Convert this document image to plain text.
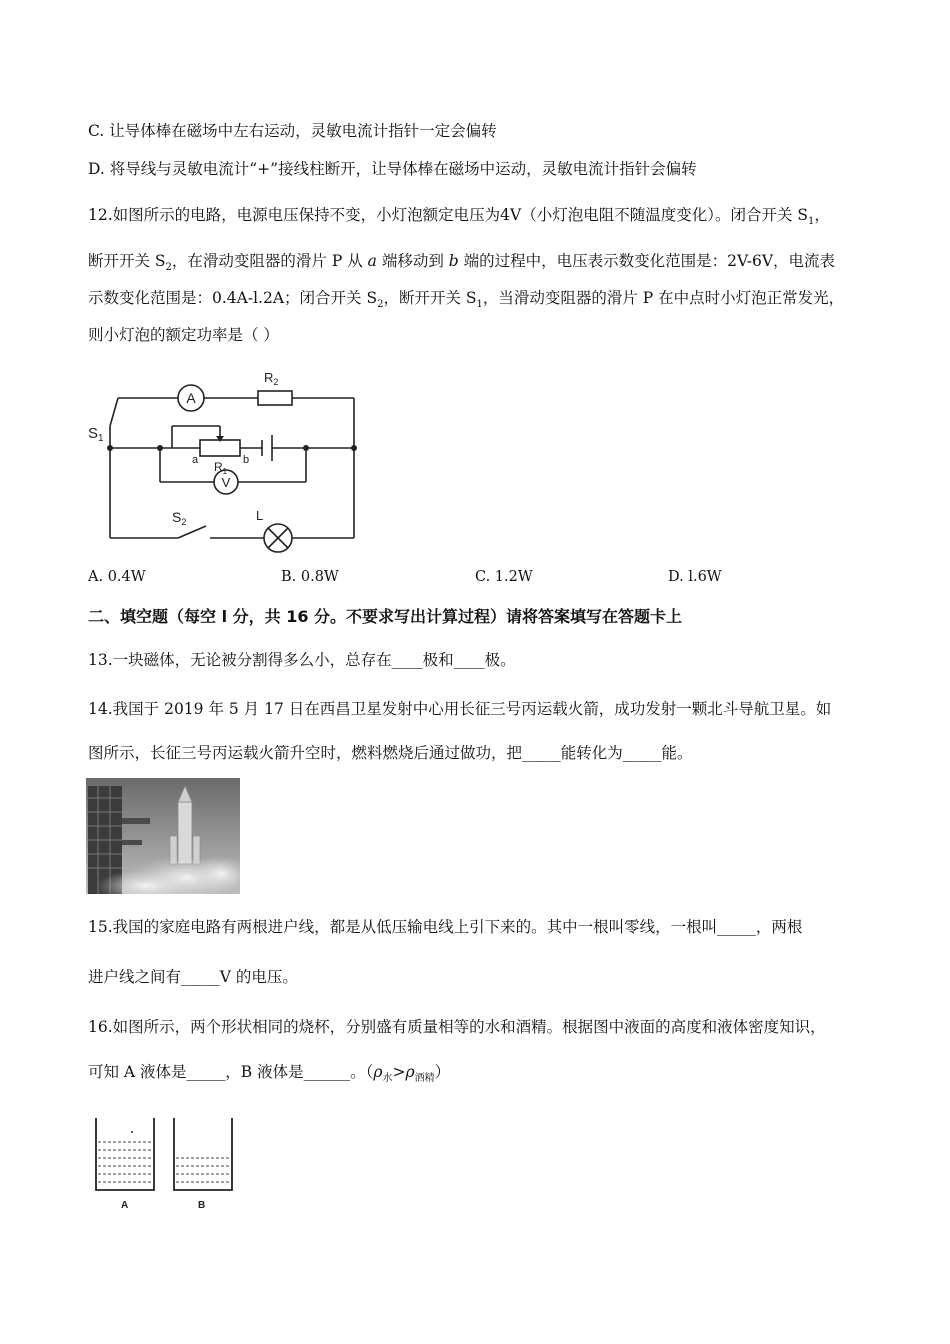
C. 让导体棒在磁场中左右运动，灵敏电流计指针一定会偏转
D. 将导线与灵敏电流计“+”接线柱断开，让导体棒在磁场中运动，灵敏电流计指针会偏转
12.如图所示的电路，电源电压保持不变，小灯泡额定电压为4V（小灯泡电阻不随温度变化）。闭合开关 $S_1$，
断开开关 $S_2$，在滑动变阻器的滑片 P 从 a 端移动到 b 端的过程中，电压表示数变化范围是：2V-6V，电流表
示数变化范围是：0.4A-l.2A；闭合开关 $S_2$，断开开关 $S_1$，当滑动变阻器的滑片 P 在中点时小灯泡正常发光，
则小灯泡的额定功率是（ ）
A
V
$R_2$
$R_1$
a	b
$S_1$
$S_2$	L
A. 0.4W	B. 0.8W	C. 1.2W	D. l.6W
二、填空题（每空 l 分，共 16 分。不要求写出计算过程）请将答案填写在答题卡上
13.一块磁体，无论被分割得多么小，总存在____极和____极。
14.我国于 2019 年 5 月 17 日在西昌卫星发射中心用长征三号丙运载火箭，成功发射一颗北斗导航卫星。如
图所示，长征三号丙运载火箭升空时，燃料燃烧后通过做功，把_____能转化为_____能。
15.我国的家庭电路有两根进户线，都是从低压输电线上引下来的。其中一根叫零线，一根叫_____，两根
进户线之间有_____V 的电压。
16.如图所示，两个形状相同的烧杯，分别盛有质量相等的水和酒精。根据图中液面的高度和液体密度知识，
可知 A 液体是_____，B 液体是______。$(\rho_水>\rho_{酒精})$
A	B
